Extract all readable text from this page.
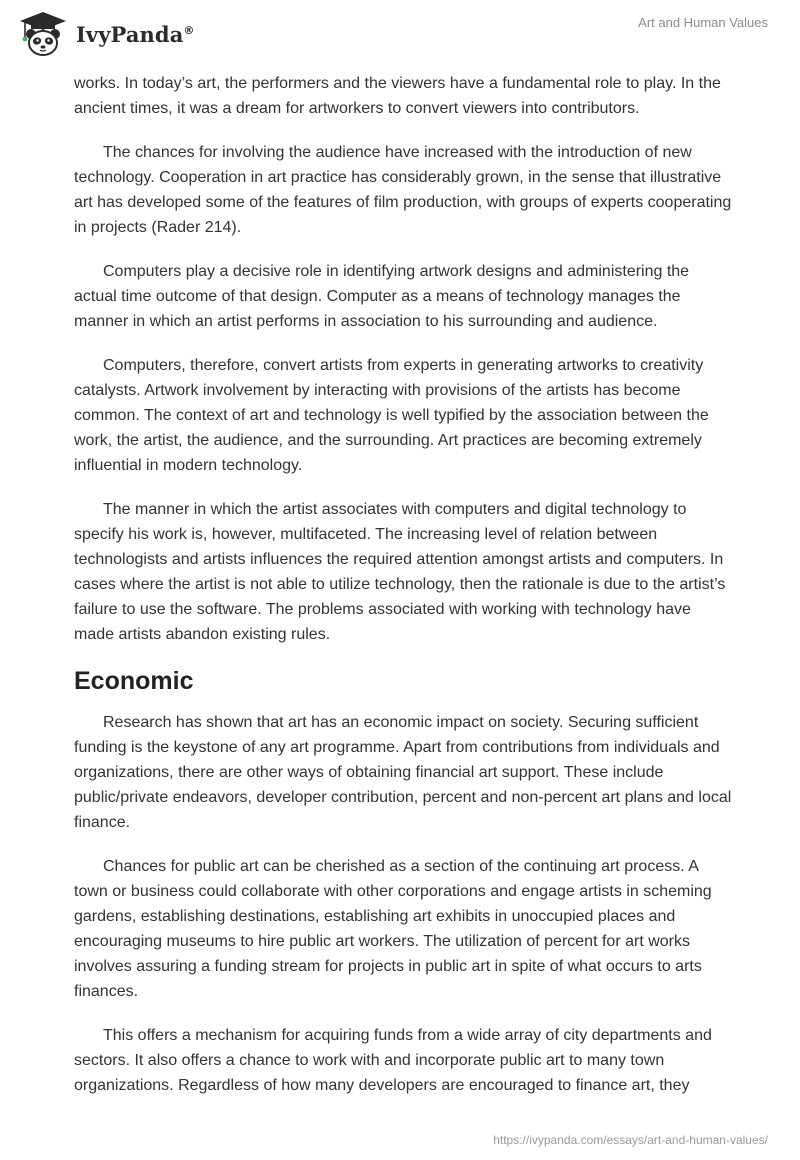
IvyPanda®	Art and Human Values

works. In today’s art, the performers and the viewers have a fundamental role to play. In the ancient times, it was a dream for artworkers to convert viewers into contributors.

The chances for involving the audience have increased with the introduction of new technology. Cooperation in art practice has considerably grown, in the sense that illustrative art has developed some of the features of film production, with groups of experts cooperating in projects (Rader 214).

Computers play a decisive role in identifying artwork designs and administering the actual time outcome of that design. Computer as a means of technology manages the manner in which an artist performs in association to his surrounding and audience.

Computers, therefore, convert artists from experts in generating artworks to creativity catalysts. Artwork involvement by interacting with provisions of the artists has become common. The context of art and technology is well typified by the association between the work, the artist, the audience, and the surrounding. Art practices are becoming extremely influential in modern technology.

The manner in which the artist associates with computers and digital technology to specify his work is, however, multifaceted. The increasing level of relation between technologists and artists influences the required attention amongst artists and computers. In cases where the artist is not able to utilize technology, then the rationale is due to the artist’s failure to use the software. The problems associated with working with technology have made artists abandon existing rules.

Economic

Research has shown that art has an economic impact on society. Securing sufficient funding is the keystone of any art programme. Apart from contributions from individuals and organizations, there are other ways of obtaining financial art support. These include public/private endeavors, developer contribution, percent and non-percent art plans and local finance.

Chances for public art can be cherished as a section of the continuing art process. A town or business could collaborate with other corporations and engage artists in scheming gardens, establishing destinations, establishing art exhibits in unoccupied places and encouraging museums to hire public art workers. The utilization of percent for art works involves assuring a funding stream for projects in public art in spite of what occurs to arts finances.

This offers a mechanism for acquiring funds from a wide array of city departments and sectors. It also offers a chance to work with and incorporate public art to many town organizations. Regardless of how many developers are encouraged to finance art, they

https://ivypanda.com/essays/art-and-human-values/
